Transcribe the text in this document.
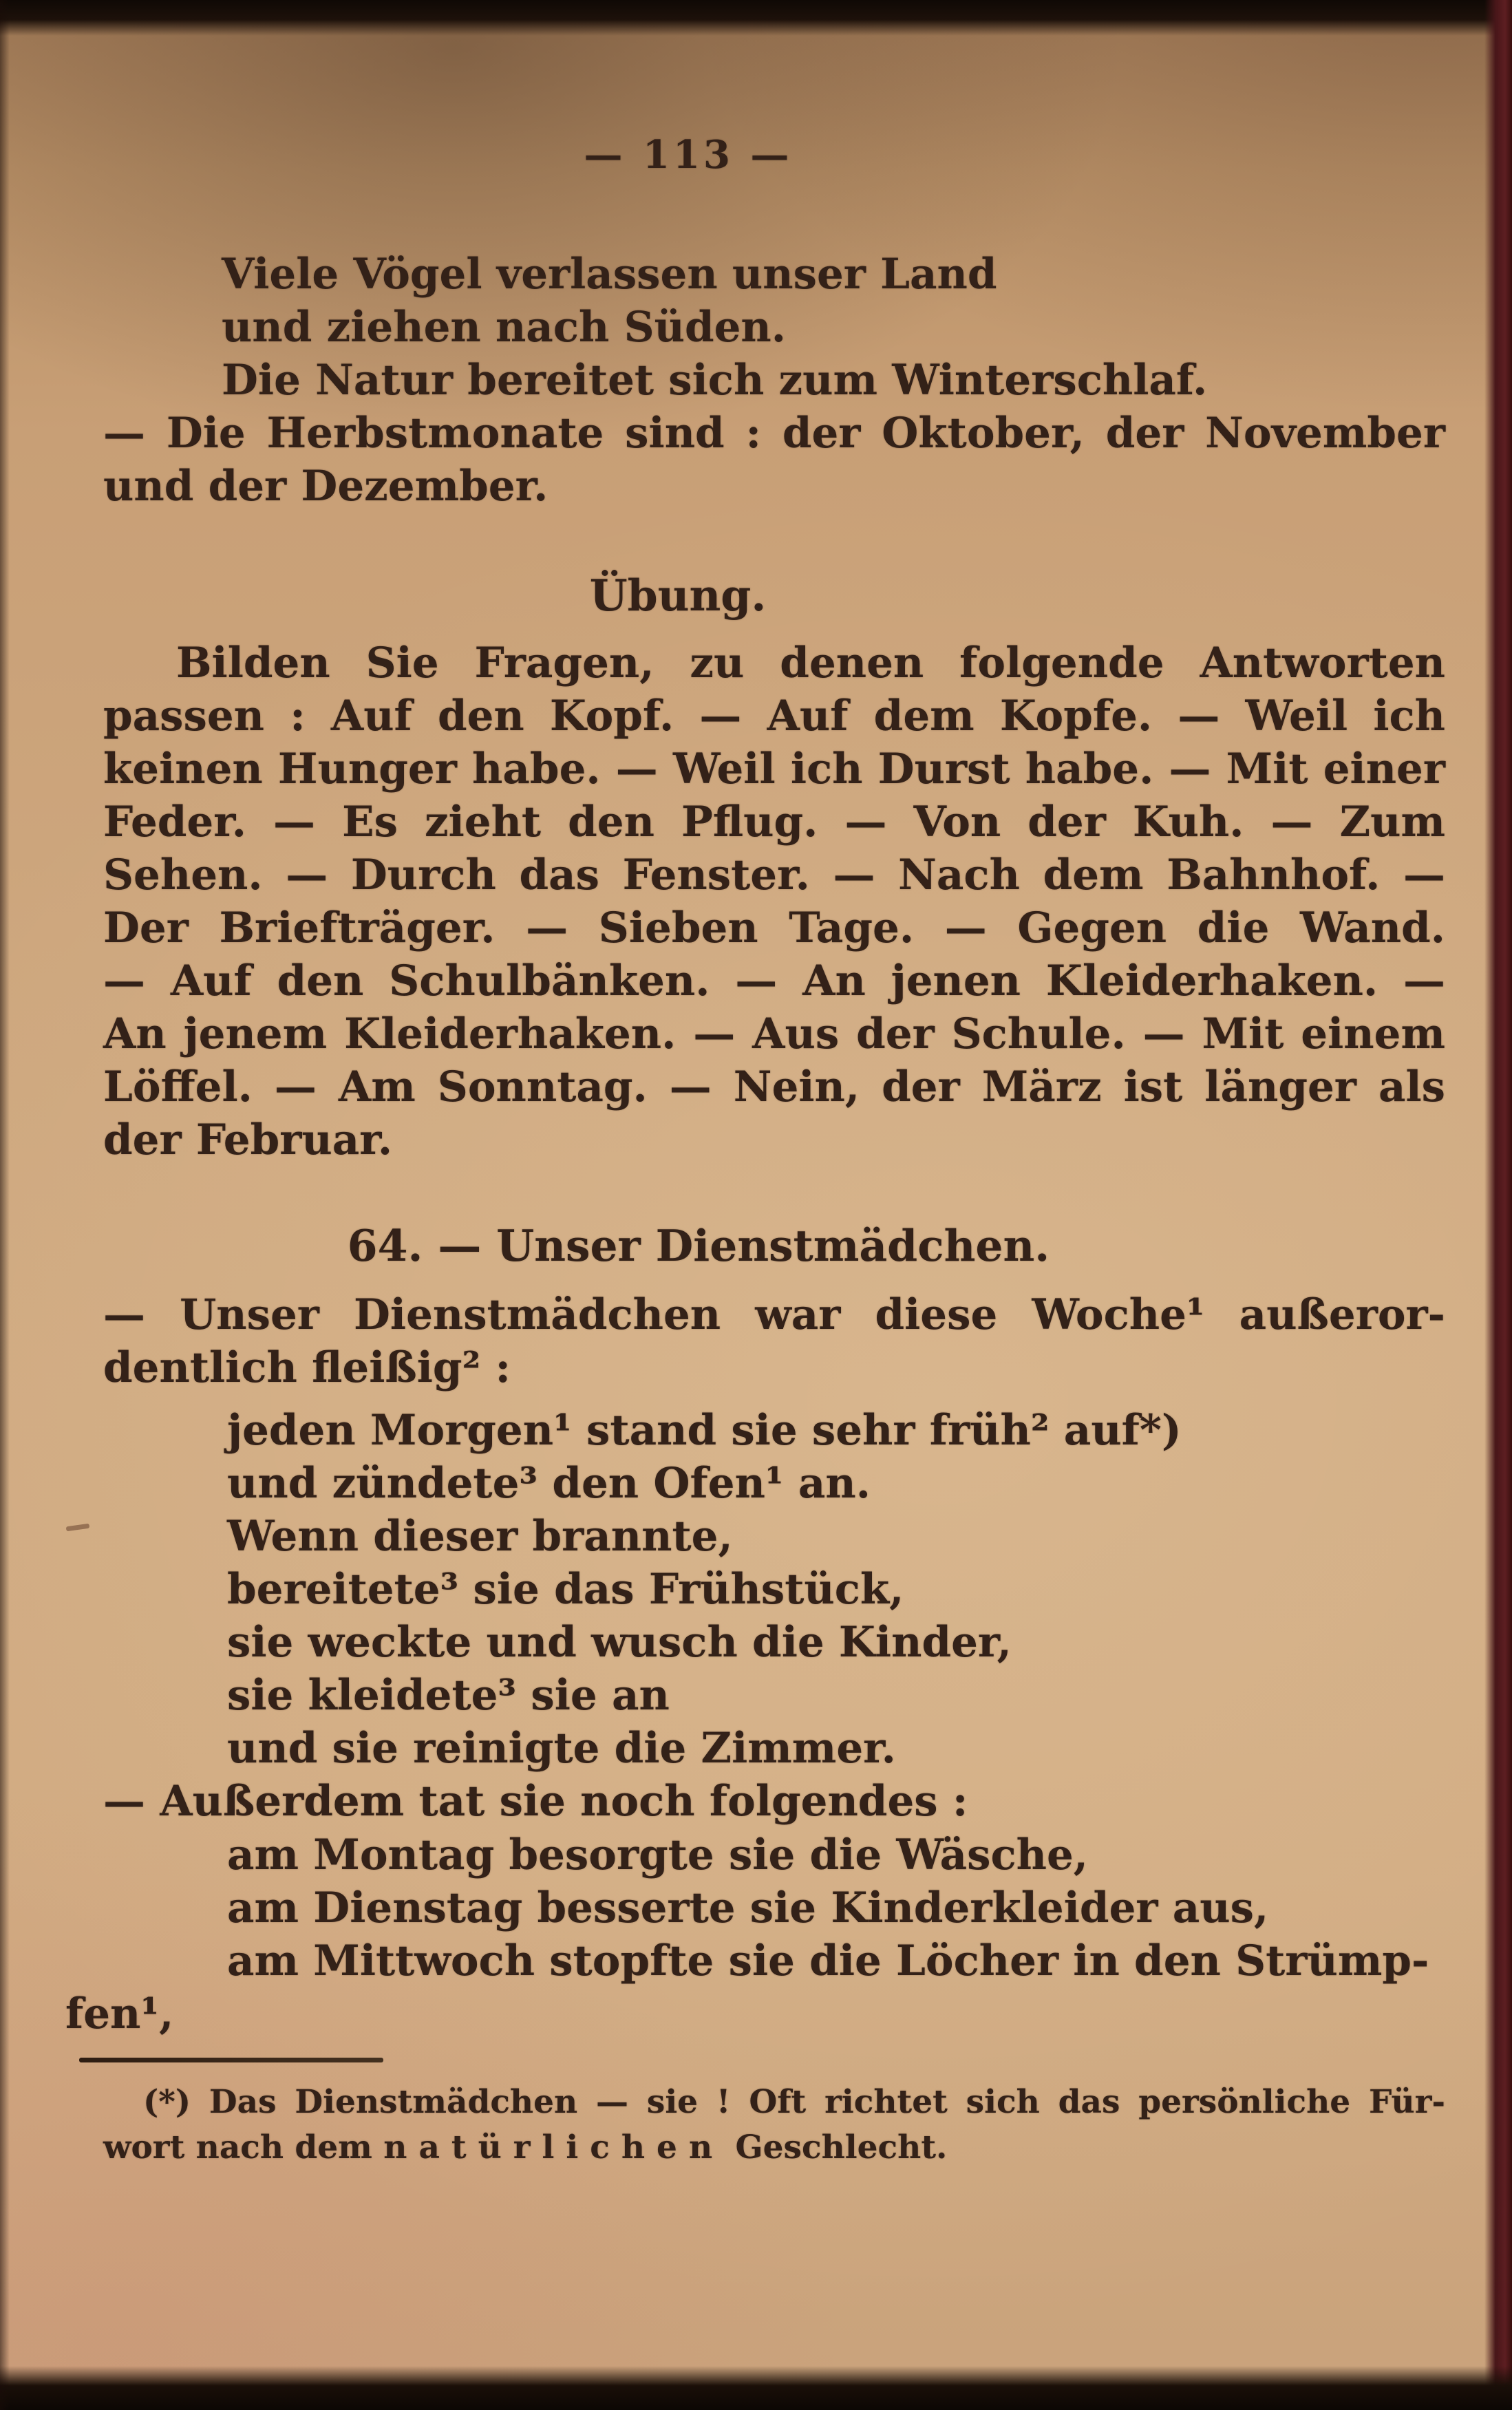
— 113 —
Viele Vögel verlassen unser Land
und ziehen nach Süden.
Die Natur bereitet sich zum Winterschlaf.
— Die Herbstmonate sind : der Oktober, der November
und der Dezember.
Übung.
Bilden Sie Fragen, zu denen folgende Antworten
passen : Auf den Kopf. — Auf dem Kopfe. — Weil ich
keinen Hunger habe. — Weil ich Durst habe. — Mit einer
Feder. — Es zieht den Pflug. — Von der Kuh. — Zum
Sehen. — Durch das Fenster. — Nach dem Bahnhof. —
Der Briefträger. — Sieben Tage. — Gegen die Wand.
— Auf den Schulbänken. — An jenen Kleiderhaken. —
An jenem Kleiderhaken. — Aus der Schule. — Mit einem
Löffel. — Am Sonntag. — Nein, der März ist länger als
der Februar.
64. — Unser Dienstmädchen.
— Unser Dienstmädchen war diese Woche¹ außeror-
dentlich fleißig² :
jeden Morgen¹ stand sie sehr früh² auf*)
und zündete³ den Ofen¹ an.
Wenn dieser brannte,
bereitete³ sie das Frühstück,
sie weckte und wusch die Kinder,
sie kleidete³ sie an
und sie reinigte die Zimmer.
— Außerdem tat sie noch folgendes :
am Montag besorgte sie die Wäsche,
am Dienstag besserte sie Kinderkleider aus,
am Mittwoch stopfte sie die Löcher in den Strümp-
fen¹,
(*) Das Dienstmädchen — sie ! Oft richtet sich das persönliche Für-
wort nach dem natürlichen Geschlecht.
